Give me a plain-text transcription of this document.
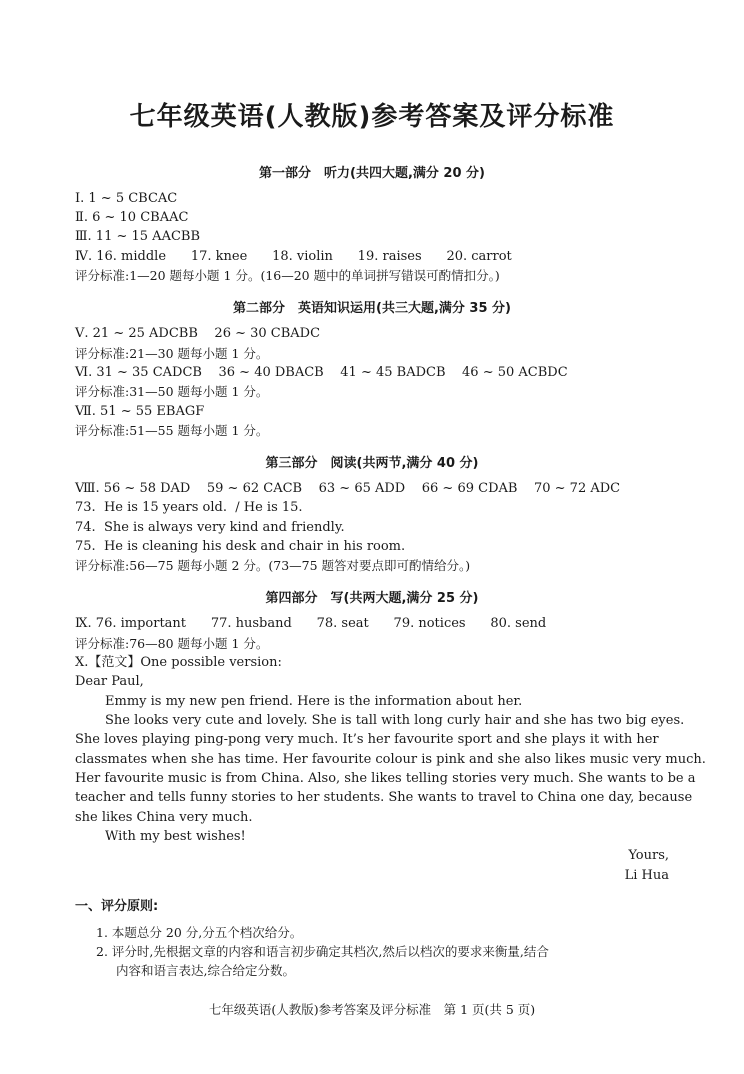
七年级英语(人教版)参考答案及评分标准
第一部分　听力(共四大题,满分 20 分)
Ⅰ. 1 ~ 5 CBCAC
Ⅱ. 6 ~ 10 CBAAC
Ⅲ. 11 ~ 15 AACBB
Ⅳ. 16. middle      17. knee      18. violin      19. raises      20. carrot
评分标准:1—20 题每小题 1 分。(16—20 题中的单词拼写错误可酌情扣分。)
第二部分　英语知识运用(共三大题,满分 35 分)
Ⅴ. 21 ~ 25 ADCBB    26 ~ 30 CBADC
评分标准:21—30 题每小题 1 分。
Ⅵ. 31 ~ 35 CADCB    36 ~ 40 DBACB    41 ~ 45 BADCB    46 ~ 50 ACBDC
评分标准:31—50 题每小题 1 分。
Ⅶ. 51 ~ 55 EBAGF
评分标准:51—55 题每小题 1 分。
第三部分　阅读(共两节,满分 40 分)
Ⅷ. 56 ~ 58 DAD    59 ~ 62 CACB    63 ~ 65 ADD    66 ~ 69 CDAB    70 ~ 72 ADC
73.  He is 15 years old.  / He is 15.
74.  She is always very kind and friendly.
75.  He is cleaning his desk and chair in his room.
评分标准:56—75 题每小题 2 分。(73—75 题答对要点即可酌情给分。)
第四部分　写(共两大题,满分 25 分)
Ⅸ. 76. important      77. husband      78. seat      79. notices      80. send
评分标准:76—80 题每小题 1 分。
Ⅹ.【范文】One possible version:
Dear Paul,
Emmy is my new pen friend. Here is the information about her.
She looks very cute and lovely. She is tall with long curly hair and she has two big eyes.
She loves playing ping-pong very much. It’s her favourite sport and she plays it with her
classmates when she has time. Her favourite colour is pink and she also likes music very much.
Her favourite music is from China. Also, she likes telling stories very much. She wants to be a
teacher and tells funny stories to her students. She wants to travel to China one day, because
she likes China very much.
With my best wishes!
Yours,
Li Hua
一、评分原则:
1. 本题总分 20 分,分五个档次给分。
2. 评分时,先根据文章的内容和语言初步确定其档次,然后以档次的要求来衡量,结合
内容和语言表达,综合给定分数。
七年级英语(人教版)参考答案及评分标准　第 1 页(共 5 页)
